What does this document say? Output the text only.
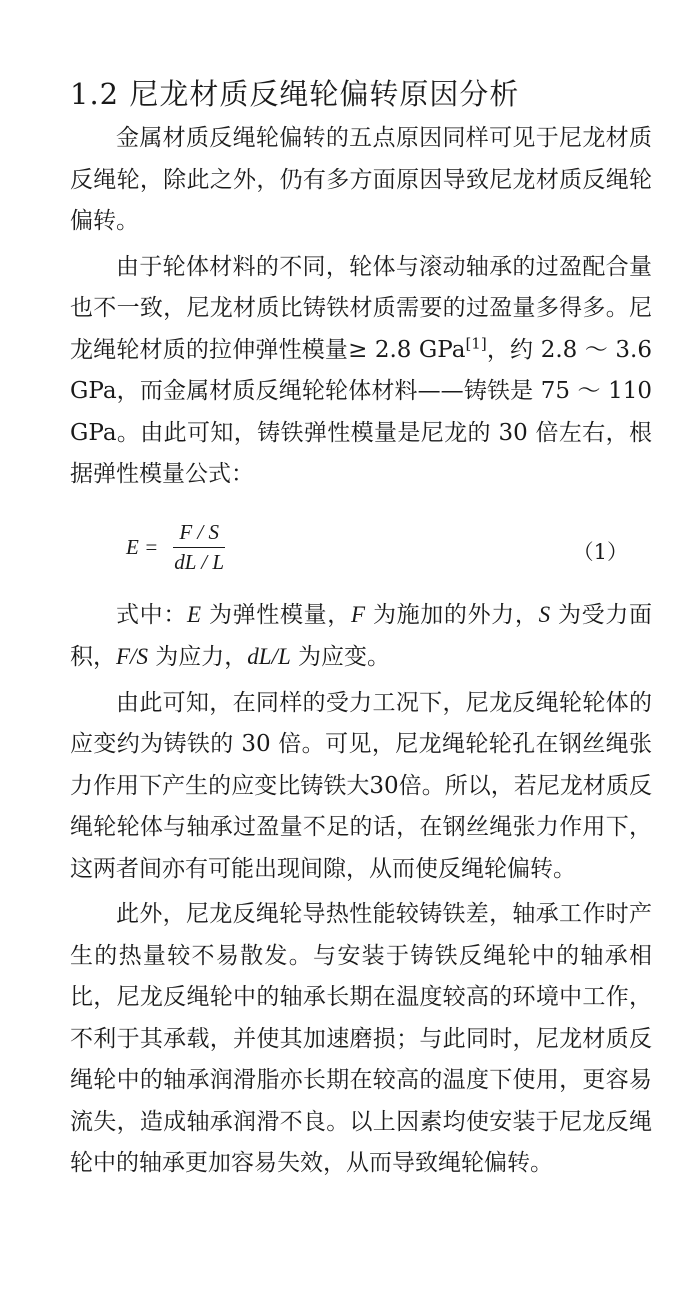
1.2 尼龙材质反绳轮偏转原因分析

金属材质反绳轮偏转的五点原因同样可见于尼龙材质反绳轮，除此之外，仍有多方面原因导致尼龙材质反绳轮偏转。

由于轮体材料的不同，轮体与滚动轴承的过盈配合量也不一致，尼龙材质比铸铁材质需要的过盈量多得多。尼龙绳轮材质的拉伸弹性模量≥ 2.8 GPa[1]，约 2.8 ～ 3.6 GPa，而金属材质反绳轮轮体材料——铸铁是 75 ～ 110 GPa。由此可知，铸铁弹性模量是尼龙的 30 倍左右，根据弹性模量公式：

$E = \frac{F / S}{dL / L}$	（1）

式中：E 为弹性模量，F 为施加的外力，S 为受力面积，F/S 为应力，dL/L 为应变。

由此可知，在同样的受力工况下，尼龙反绳轮轮体的应变约为铸铁的 30 倍。可见，尼龙绳轮轮孔在钢丝绳张力作用下产生的应变比铸铁大30倍。所以，若尼龙材质反绳轮轮体与轴承过盈量不足的话，在钢丝绳张力作用下，这两者间亦有可能出现间隙，从而使反绳轮偏转。

此外，尼龙反绳轮导热性能较铸铁差，轴承工作时产生的热量较不易散发。与安装于铸铁反绳轮中的轴承相比，尼龙反绳轮中的轴承长期在温度较高的环境中工作，不利于其承载，并使其加速磨损；与此同时，尼龙材质反绳轮中的轴承润滑脂亦长期在较高的温度下使用，更容易流失，造成轴承润滑不良。以上因素均使安装于尼龙反绳轮中的轴承更加容易失效，从而导致绳轮偏转。
